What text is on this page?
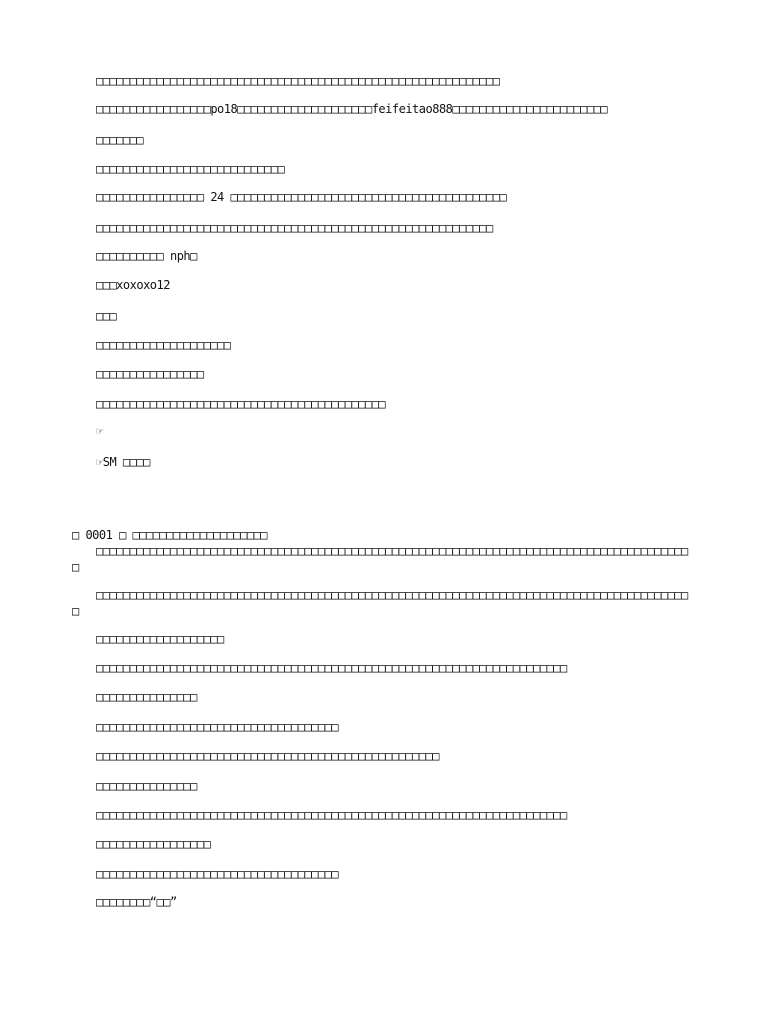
□□□□□□□□□□□□□□□□□□□□□□□□□□□□□□□□□□□□□□□□□□□□□□□□□□□□□□□□□□□□

□□□□□□□□□□□□□□□□□po18□□□□□□□□□□□□□□□□□□□□feifeitao888□□□□□□□□□□□□□□□□□□□□□□□

□□□□□□□

□□□□□□□□□□□□□□□□□□□□□□□□□□□□

□□□□□□□□□□□□□□□□ 24 □□□□□□□□□□□□□□□□□□□□□□□□□□□□□□□□□□□□□□□□□

□□□□□□□□□□□□□□□□□□□□□□□□□□□□□□□□□□□□□□□□□□□□□□□□□□□□□□□□□□□

□□□□□□□□□□ nph□

□□□xoxoxo12

□□□

□□□□□□□□□□□□□□□□□□□□

□□□□□□□□□□□□□□□□

□□□□□□□□□□□□□□□□□□□□□□□□□□□□□□□□□□□□□□□□□□□

☞

☞SM □□□□

□ 0001 □ □□□□□□□□□□□□□□□□□□□□

□□□□□□□□□□□□□□□□□□□□□□□□□□□□□□□□□□□□□□□□□□□□□□□□□□□□□□□□□□□□□□□□□□□□□□□□□□□□□□□□□□□□□□□□□

□□□□□□□□□□□□□□□□□□□□□□□□□□□□□□□□□□□□□□□□□□□□□□□□□□□□□□□□□□□□□□□□□□□□□□□□□□□□□□□□□□□□□□□□□

□□□□□□□□□□□□□□□□□□□

□□□□□□□□□□□□□□□□□□□□□□□□□□□□□□□□□□□□□□□□□□□□□□□□□□□□□□□□□□□□□□□□□□□□□□

□□□□□□□□□□□□□□□

□□□□□□□□□□□□□□□□□□□□□□□□□□□□□□□□□□□□

□□□□□□□□□□□□□□□□□□□□□□□□□□□□□□□□□□□□□□□□□□□□□□□□□□□

□□□□□□□□□□□□□□□

□□□□□□□□□□□□□□□□□□□□□□□□□□□□□□□□□□□□□□□□□□□□□□□□□□□□□□□□□□□□□□□□□□□□□□

□□□□□□□□□□□□□□□□□

□□□□□□□□□□□□□□□□□□□□□□□□□□□□□□□□□□□□

□□□□□□□□“□□”
